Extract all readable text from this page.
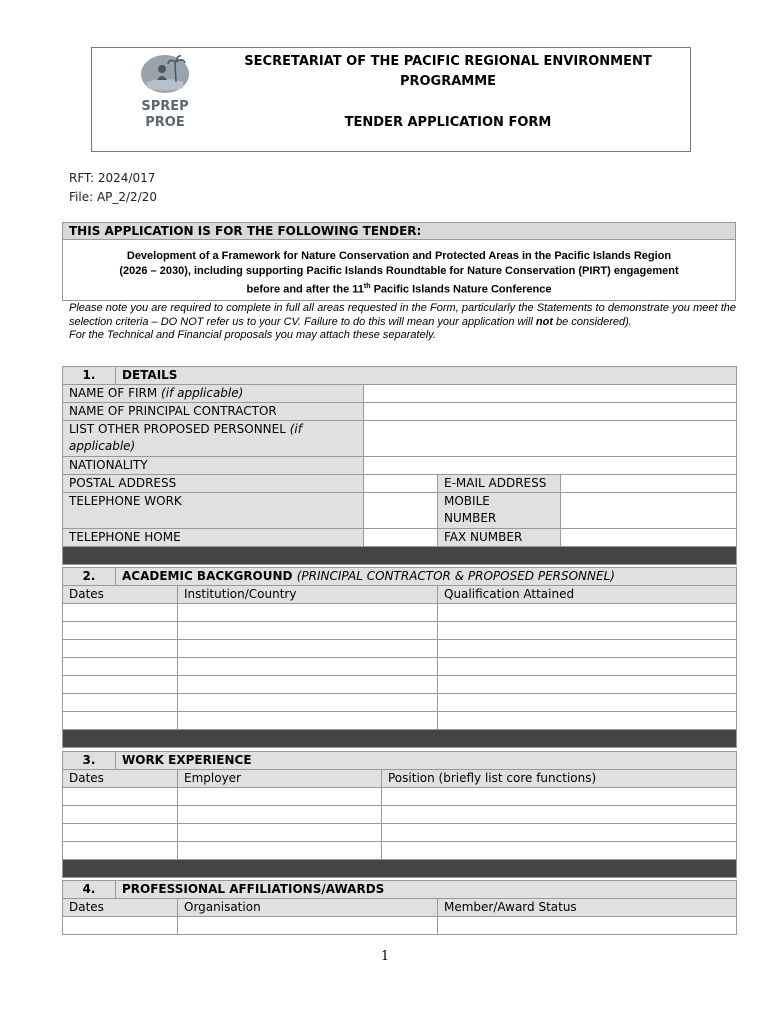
SPREP
PROE
SECRETARIAT OF THE PACIFIC REGIONAL ENVIRONMENT
PROGRAMME
TENDER APPLICATION FORM
RFT: 2024/017
File: AP_2/2/20
THIS APPLICATION IS FOR THE FOLLOWING TENDER:
Development of a Framework for Nature Conservation and Protected Areas in the Pacific Islands Region
(2026 – 2030), including supporting Pacific Islands Roundtable for Nature Conservation (PIRT) engagement
before and after the 11th Pacific Islands Nature Conference
Please note you are required to complete in full all areas requested in the Form, particularly the Statements to demonstrate you meet the selection criteria – DO NOT refer us to your CV. Failure to do this will mean your application will not be considered).
For the Technical and Financial proposals you may attach these separately.
1.	DETAILS			
NAME OF FIRM (if applicable)				
NAME OF PRINCIPAL CONTRACTOR				
LIST OTHER PROPOSED PERSONNEL (if applicable)				
NATIONALITY				
POSTAL ADDRESS			E-MAIL ADDRESS	
TELEPHONE WORK			MOBILE NUMBER	

TELEPHONE HOME			FAX NUMBER	

2.	ACADEMIC BACKGROUND (PRINCIPAL CONTRACTOR & PROPOSED PERSONNEL)		
Dates		Institution/Country	Qualification Attained

3.	WORK EXPERIENCE		
Dates		Employer	Position (briefly list core functions)

4.	PROFESSIONAL AFFILIATIONS/AWARDS		
Dates		Organisation	Member/Award Status

1
